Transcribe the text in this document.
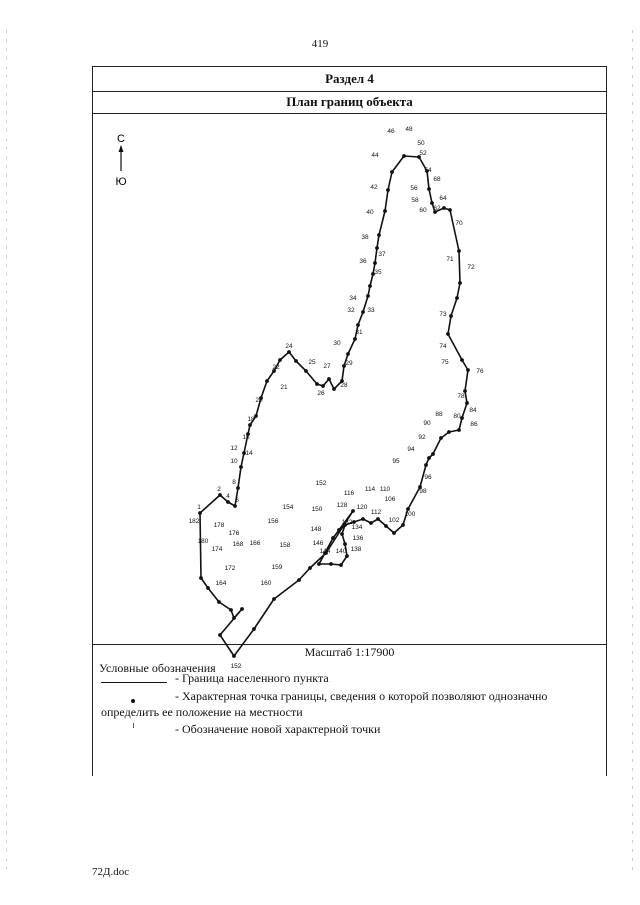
419
Раздел 4
План границ объекта
С
Ю
1
2
4
6
8
10
12
14
16
18
20
21
22
24
25
26
27
28
29
30
31
32 33
34
35
36
37
38
40
42
44
46 48
50
52
54
56
58
60 62
64
68
70
71
72
73
74
75
76
78
80
84
86
88
90
92
94
95
96
98
100
102
106
110
112
114
116
120
128
132
134
136
138
140
144
146
148
150
152
154
156
158
159
160
152
164
166
168
172
174
176
178
180
182
Масштаб 1:17900
Условные обозначения
- Граница населенного пункта
- Характерная точка границы, сведения о которой позволяют однозначно
определить ее положение на местности
- Обозначение новой характерной точки
72Д.doc
